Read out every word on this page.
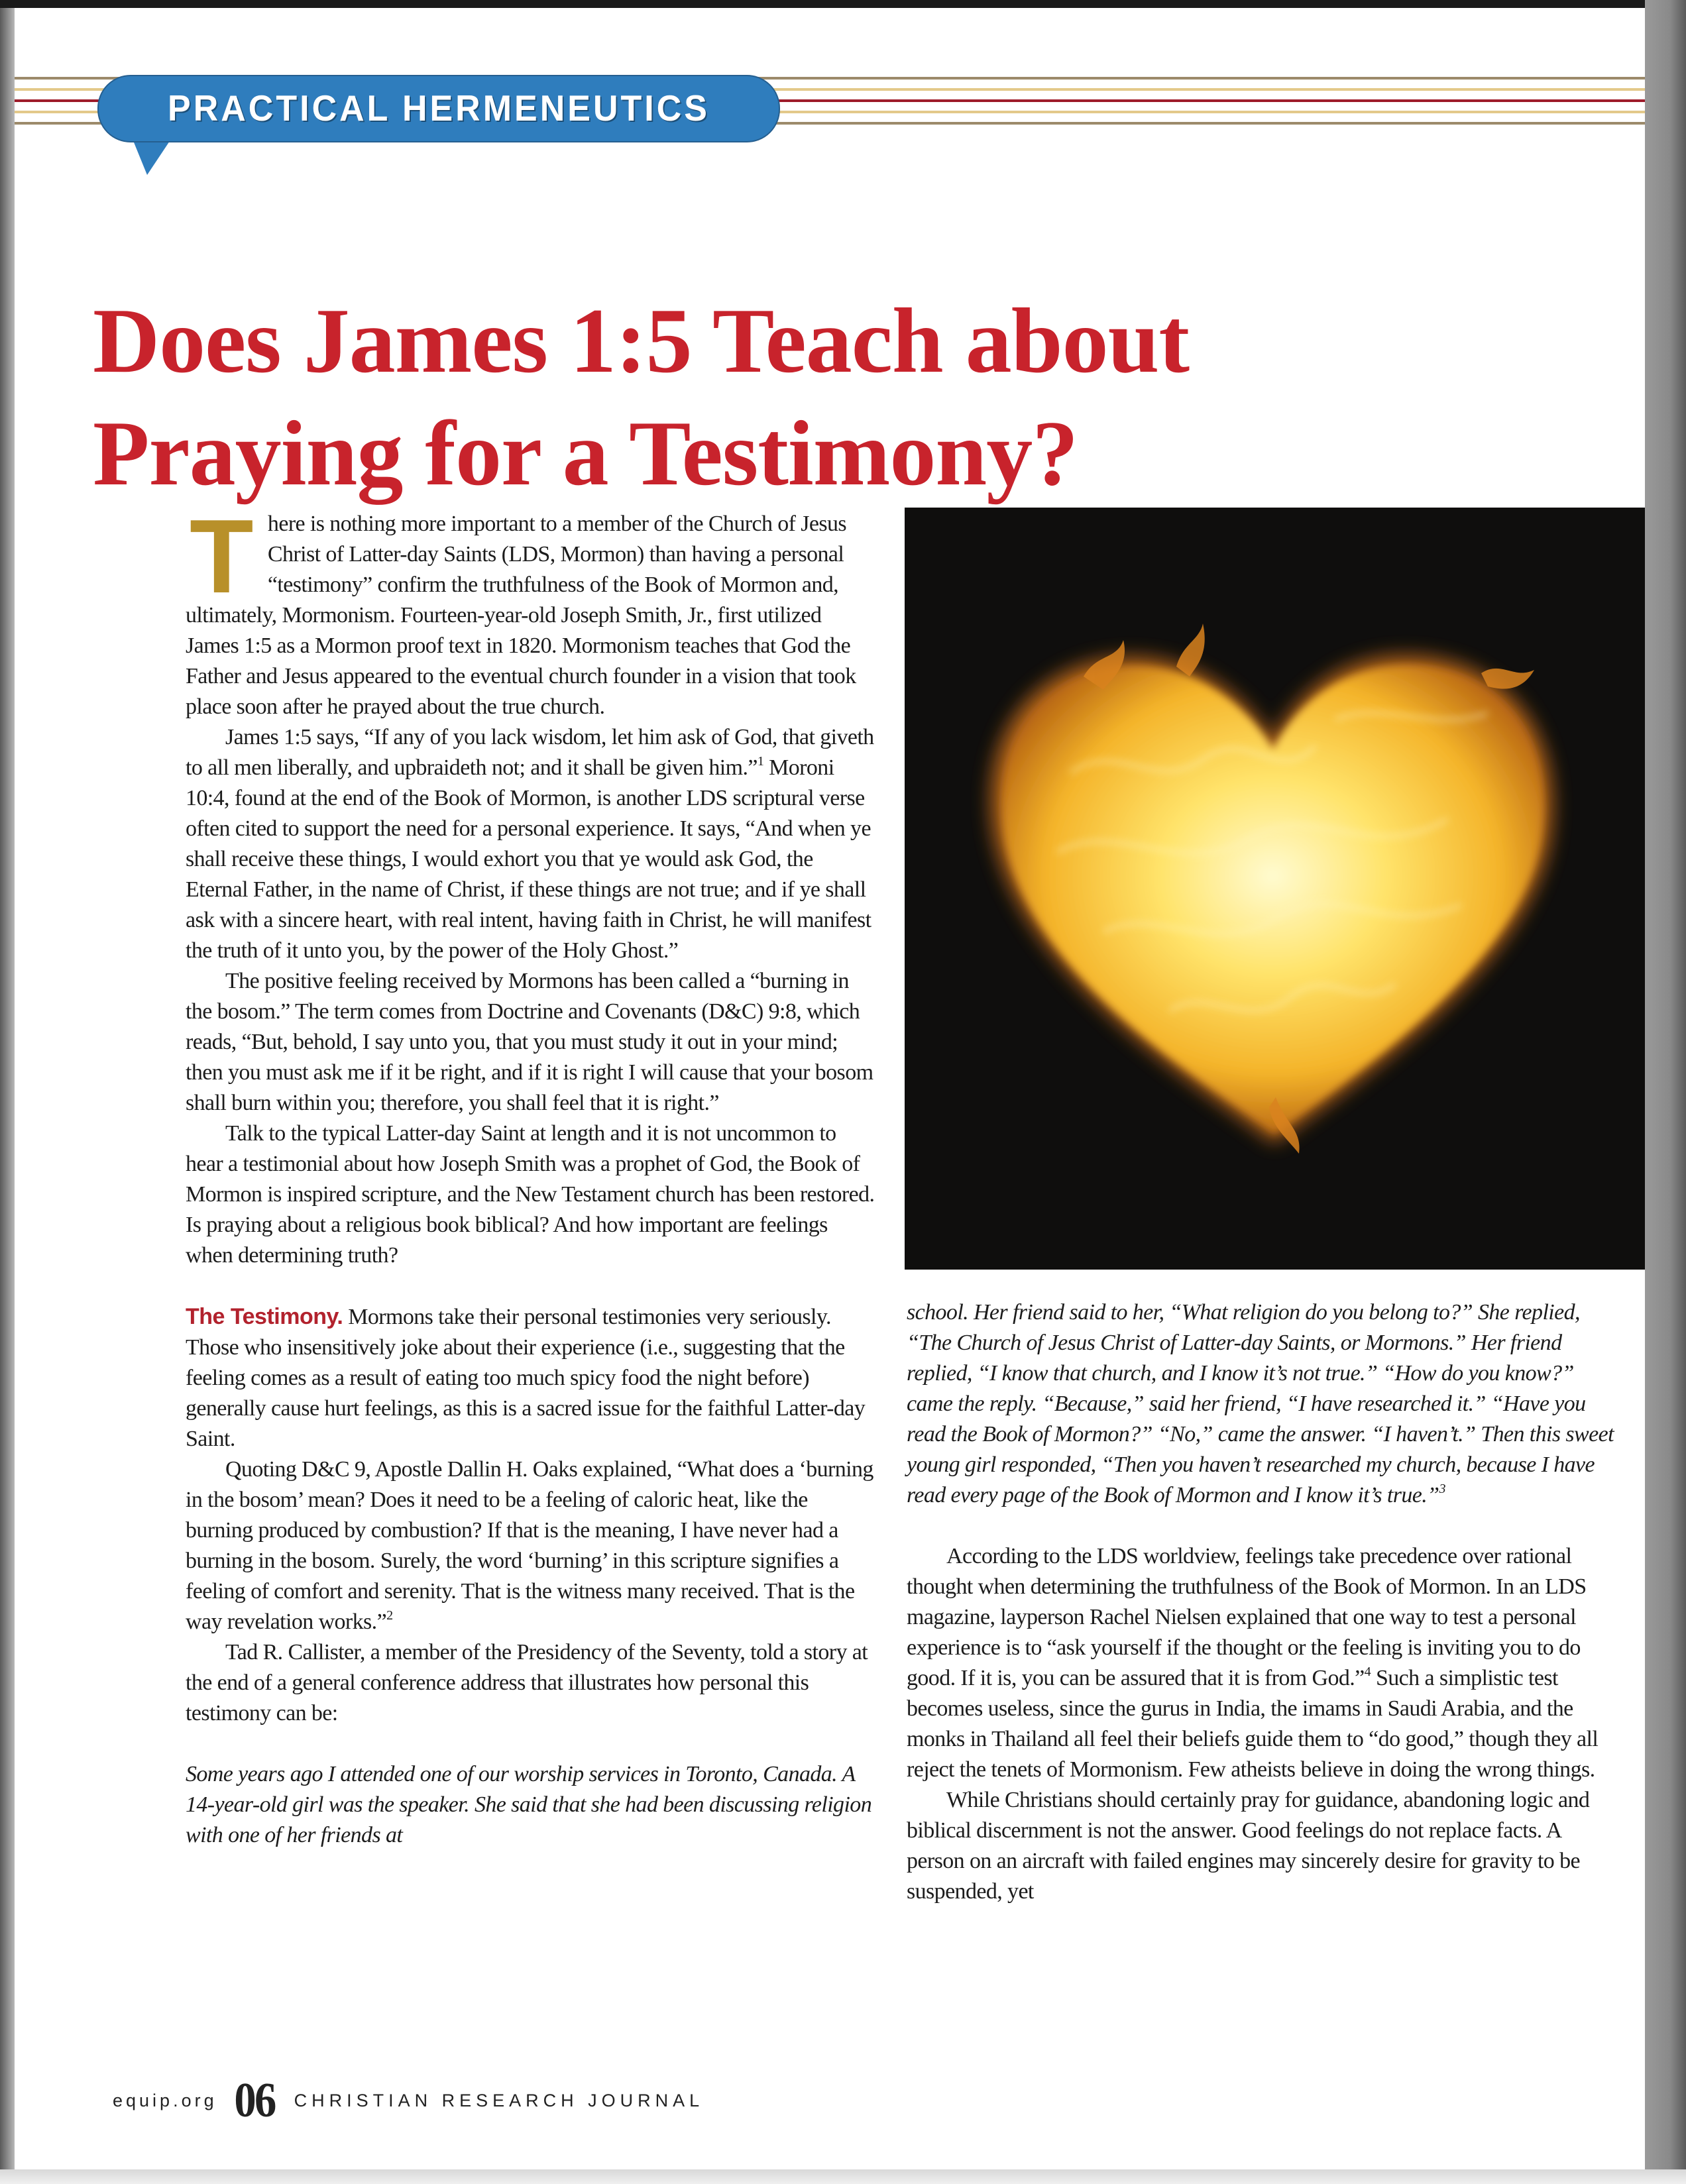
PRACTICAL HERMENEUTICS
Does James 1:5 Teach about
Praying for a Testimony?

There is nothing more important to a member of the Church of Jesus Christ of Latter-day Saints (LDS, Mormon) than having a personal “testimony” confirm the truthfulness of the Book of Mormon and, ultimately, Mormonism. Fourteen-year-old Joseph Smith, Jr., first utilized James 1:5 as a Mormon proof text in 1820. Mormonism teaches that God the Father and Jesus appeared to the eventual church founder in a vision that took place soon after he prayed about the true church.

James 1:5 says, “If any of you lack wisdom, let him ask of God, that giveth to all men liberally, and upbraideth not; and it shall be given him.”$^1$ Moroni 10:4, found at the end of the Book of Mormon, is another LDS scriptural verse often cited to support the need for a personal experience. It says, “And when ye shall receive these things, I would exhort you that ye would ask God, the Eternal Father, in the name of Christ, if these things are not true; and if ye shall ask with a sincere heart, with real intent, having faith in Christ, he will manifest the truth of it unto you, by the power of the Holy Ghost.”

The positive feeling received by Mormons has been called a “burning in the bosom.” The term comes from Doctrine and Covenants (D&C) 9:8, which reads, “But, behold, I say unto you, that you must study it out in your mind; then you must ask me if it be right, and if it is right I will cause that your bosom shall burn within you; therefore, you shall feel that it is right.”

Talk to the typical Latter-day Saint at length and it is not uncommon to hear a testimonial about how Joseph Smith was a prophet of God, the Book of Mormon is inspired scripture, and the New Testament church has been restored. Is praying about a religious book biblical? And how important are feelings when determining truth?

The Testimony. Mormons take their personal testimonies very seriously. Those who insensitively joke about their experience (i.e., suggesting that the feeling comes as a result of eating too much spicy food the night before) generally cause hurt feelings, as this is a sacred issue for the faithful Latter-day Saint.

Quoting D&C 9, Apostle Dallin H. Oaks explained, “What does a ‘burning in the bosom’ mean? Does it need to be a feeling of caloric heat, like the burning produced by combustion? If that is the meaning, I have never had a burning in the bosom. Surely, the word ‘burning’ in this scripture signifies a feeling of comfort and serenity. That is the witness many received. That is the way revelation works.”$^2$

Tad R. Callister, a member of the Presidency of the Seventy, told a story at the end of a general conference address that illustrates how personal this testimony can be:

Some years ago I attended one of our worship services in Toronto, Canada. A 14-year-old girl was the speaker. She said that she had been discussing religion with one of her friends at

school. Her friend said to her, “What religion do you belong to?” She replied, “The Church of Jesus Christ of Latter-day Saints, or Mormons.” Her friend replied, “I know that church, and I know it’s not true.” “How do you know?” came the reply. “Because,” said her friend, “I have researched it.” “Have you read the Book of Mormon?” “No,” came the answer. “I haven’t.” Then this sweet young girl responded, “Then you haven’t researched my church, because I have read every page of the Book of Mormon and I know it’s true.”$^3$

According to the LDS worldview, feelings take precedence over rational thought when determining the truthfulness of the Book of Mormon. In an LDS magazine, layperson Rachel Nielsen explained that one way to test a personal experience is to “ask yourself if the thought or the feeling is inviting you to do good. If it is, you can be assured that it is from God.”$^4$ Such a simplistic test becomes useless, since the gurus in India, the imams in Saudi Arabia, and the monks in Thailand all feel their beliefs guide them to “do good,” though they all reject the tenets of Mormonism. Few atheists believe in doing the wrong things.

While Christians should certainly pray for guidance, abandoning logic and biblical discernment is not the answer. Good feelings do not replace facts. A person on an aircraft with failed engines may sincerely desire for gravity to be suspended, yet

equip.org 06 CHRISTIAN RESEARCH JOURNAL
